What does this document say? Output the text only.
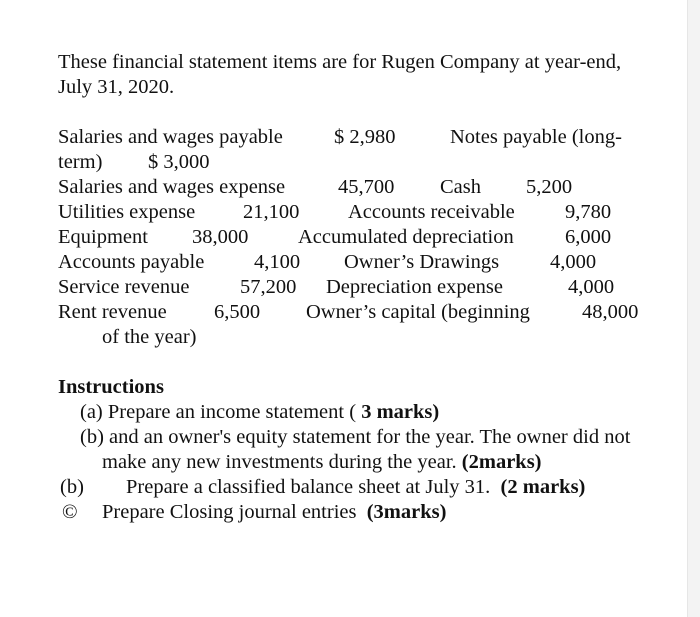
These financial statement items are for Rugen Company at year-end,
July 31, 2020.
Salaries and wages payable $ 2,980	Notes payable (long-
term) $ 3,000
Salaries and wages expense	45,700 Cash 5,200
Utilities expense 21,100 Accounts receivable 9,780
Equipment 38,000 Accumulated depreciation	6,000
Accounts payable 4,100 Owner’s Drawings 4,000
Service revenue 57,200 Depreciation expense	4,000
Rent revenue 6,500 Owner’s capital (beginning	48,000
of the year)
Instructions
(a) Prepare an income statement ( 3 marks)
(b) and an owner's equity statement for the year. The owner did not
make any new investments during the year. (2marks)
(b) Prepare a classified balance sheet at July 31. (2 marks)
© Prepare Closing journal entries (3marks)
